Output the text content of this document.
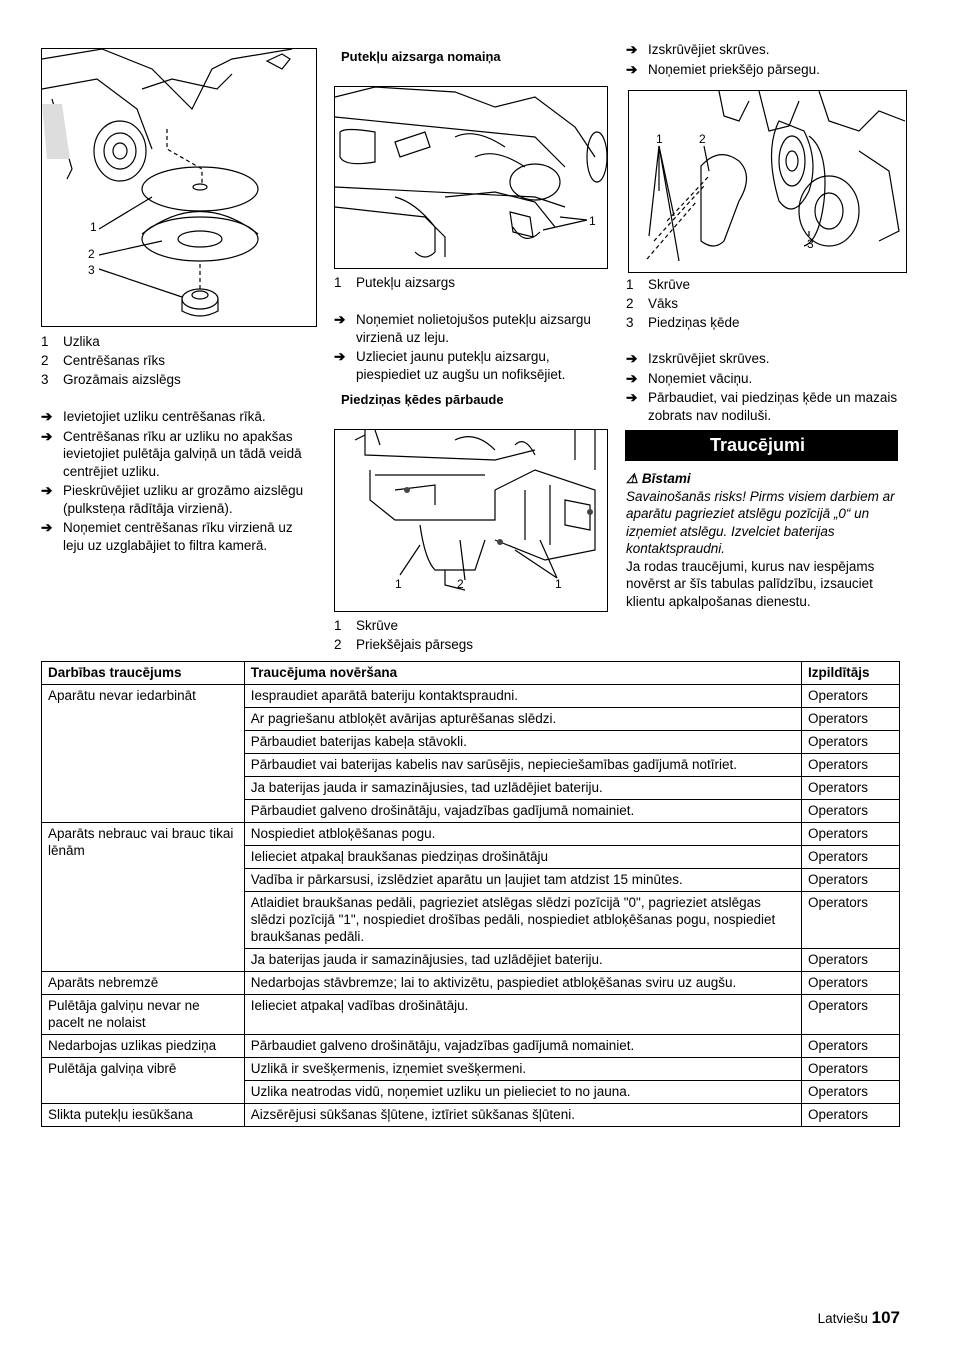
1
2
3
1	Uzlika
2	Centrēšanas rīks
3	Grozāmais aizslēgs
➔ Ievietojiet uzliku centrēšanas rīkā.
➔ Centrēšanas rīku ar uzliku no apakšas ievietojiet pulētāja galviņā un tādā veidā centrējiet uzliku.
➔ Pieskrūvējiet uzliku ar grozāmo aizslēgu (pulksteņa rādītāja virzienā).
➔ Noņemiet centrēšanas rīku virzienā uz leju uz uzglabājiet to filtra kamerā.
Putekļu aizsarga nomaiņa
1
1	Putekļu aizsargs
➔ Noņemiet nolietojušos putekļu aizsargu virzienā uz leju.
➔ Uzlieciet jaunu putekļu aizsargu, piespiediet uz augšu un nofiksējiet.
Piedziņas ķēdes pārbaude
1	2	1
1	Skrūve
2	Priekšējais pārsegs
➔ Izskrūvējiet skrūves.
➔ Noņemiet priekšējo pārsegu.
1	2
3
1	Skrūve
2	Vāks
3	Piedziņas ķēde
➔ Izskrūvējiet skrūves.
➔ Noņemiet vāciņu.
➔ Pārbaudiet, vai piedziņas ķēde un mazais zobrats nav nodiluši.
Traucējumi
⚠ Bīstami
Savainošanās risks! Pirms visiem darbiem ar aparātu pagrieziet atslēgu pozīcijā „0“ un izņemiet atslēgu. Izvelciet baterijas kontaktspraudni.
Ja rodas traucējumi, kurus nav iespējams novērst ar šīs tabulas palīdzību, izsauciet klientu apkalpošanas dienestu.
Darbības traucējums	Traucējuma novēršana	Izpildītājs
Aparātu nevar iedarbināt	Iespraudiet aparātā bateriju kontaktspraudni.	Operators
	Ar pagriešanu atbloķēt avārijas apturēšanas slēdzi.	Operators
	Pārbaudiet baterijas kabeļa stāvokli.	Operators
	Pārbaudiet vai baterijas kabelis nav sarūsējis, nepieciešamības gadījumā notīriet.	Operators
	Ja baterijas jauda ir samazinājusies, tad uzlādējiet bateriju.	Operators
	Pārbaudiet galveno drošinātāju, vajadzības gadījumā nomainiet.	Operators
Aparāts nebrauc vai brauc tikai lēnām	Nospiediet atbloķēšanas pogu.	Operators
	Ielieciet atpakaļ braukšanas piedziņas drošinātāju	Operators
	Vadība ir pārkarsusi, izslēdziet aparātu un ļaujiet tam atdzist 15 minūtes.	Operators
	Atlaidiet braukšanas pedāli, pagrieziet atslēgas slēdzi pozīcijā "0", pagrieziet atslēgas slēdzi pozīcijā "1", nospiediet drošības pedāli, nospiediet atbloķēšanas pogu, nospiediet braukšanas pedāli.	Operators
	Ja baterijas jauda ir samazinājusies, tad uzlādējiet bateriju.	Operators
Aparāts nebremzē	Nedarbojas stāvbremze; lai to aktivizētu, paspiediet atbloķēšanas sviru uz augšu.	Operators
Pulētāja galviņu nevar ne pacelt ne nolaist	Ielieciet atpakaļ vadības drošinātāju.	Operators
Nedarbojas uzlikas piedziņa	Pārbaudiet galveno drošinātāju, vajadzības gadījumā nomainiet.	Operators
Pulētāja galviņa vibrē	Uzlikā ir svešķermenis, izņemiet svešķermeni.	Operators
	Uzlika neatrodas vidū, noņemiet uzliku un pielieciet to no jauna.	Operators
Slikta putekļu iesūkšana	Aizsērējusi sūkšanas šļūtene, iztīriet sūkšanas šļūteni.	Operators
Latviešu 107
